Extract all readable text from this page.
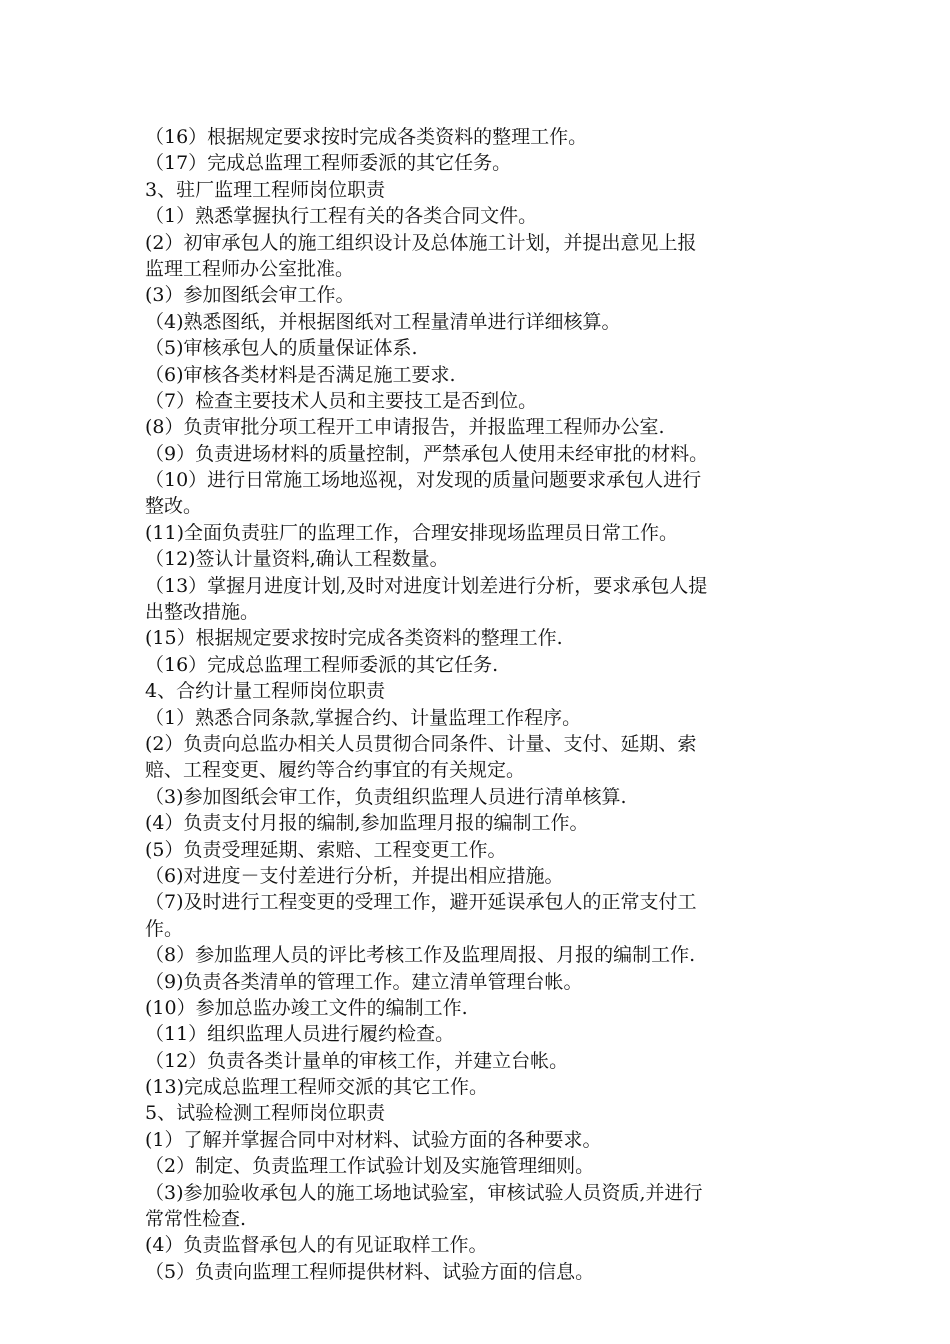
（16）根据规定要求按时完成各类资料的整理工作。
（17）完成总监理工程师委派的其它任务。
3、驻厂监理工程师岗位职责
（1）熟悉掌握执行工程有关的各类合同文件。
(2）初审承包人的施工组织设计及总体施工计划，并提出意见上报
监理工程师办公室批准。
(3）参加图纸会审工作。
（4)熟悉图纸，并根据图纸对工程量清单进行详细核算。
（5)审核承包人的质量保证体系.
（6)审核各类材料是否满足施工要求.
（7）检查主要技术人员和主要技工是否到位。
(8）负责审批分项工程开工申请报告，并报监理工程师办公室.
（9）负责进场材料的质量控制，严禁承包人使用未经审批的材料。
（10）进行日常施工场地巡视，对发现的质量问题要求承包人进行
整改。
(11)全面负责驻厂的监理工作，合理安排现场监理员日常工作。
（12)签认计量资料,确认工程数量。
（13）掌握月进度计划,及时对进度计划差进行分析，要求承包人提
出整改措施。
(15）根据规定要求按时完成各类资料的整理工作.
（16）完成总监理工程师委派的其它任务.
4、合约计量工程师岗位职责
（1）熟悉合同条款,掌握合约、计量监理工作程序。
(2）负责向总监办相关人员贯彻合同条件、计量、支付、延期、索
赔、工程变更、履约等合约事宜的有关规定。
（3)参加图纸会审工作，负责组织监理人员进行清单核算.
(4）负责支付月报的编制,参加监理月报的编制工作。
(5）负责受理延期、索赔、工程变更工作。
（6)对进度－支付差进行分析，并提出相应措施。
（7)及时进行工程变更的受理工作，避开延误承包人的正常支付工
作。
（8）参加监理人员的评比考核工作及监理周报、月报的编制工作.
（9)负责各类清单的管理工作。建立清单管理台帐。
(10）参加总监办竣工文件的编制工作.
（11）组织监理人员进行履约检查。
（12）负责各类计量单的审核工作，并建立台帐。
(13)完成总监理工程师交派的其它工作。
5、试验检测工程师岗位职责
(1）了解并掌握合同中对材料、试验方面的各种要求。
（2）制定、负责监理工作试验计划及实施管理细则。
（3)参加验收承包人的施工场地试验室，审核试验人员资质,并进行
常常性检查.
(4）负责监督承包人的有见证取样工作。
（5）负责向监理工程师提供材料、试验方面的信息。
